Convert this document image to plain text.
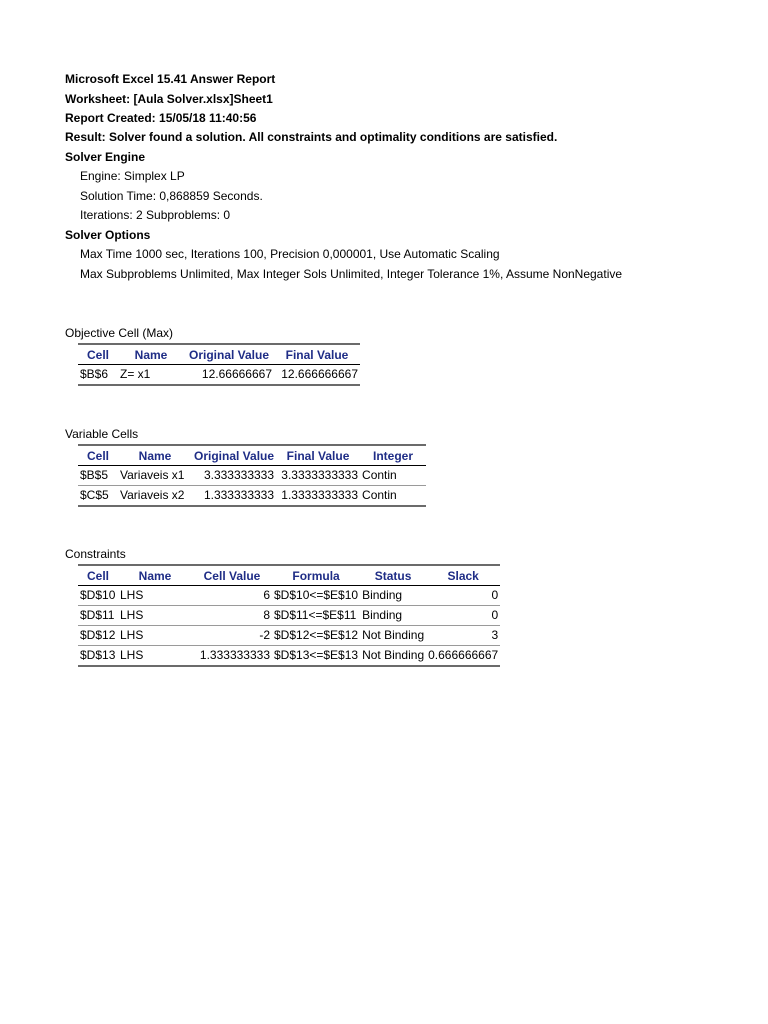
Microsoft Excel 15.41 Answer Report
Worksheet: [Aula Solver.xlsx]Sheet1
Report Created: 15/05/18 11:40:56
Result: Solver found a solution. All constraints and optimality conditions are satisfied.
Solver Engine
Engine: Simplex LP
Solution Time: 0,868859 Seconds.
Iterations: 2 Subproblems: 0
Solver Options
Max Time 1000 sec, Iterations 100, Precision 0,000001, Use Automatic Scaling
Max Subproblems Unlimited, Max Integer Sols Unlimited, Integer Tolerance 1%, Assume NonNegative
Objective Cell (Max)
Cell	Name	Original Value	Final Value
$B$6	Z= x1	12.66666667	12.666666667
Variable Cells
Cell	Name	Original Value	Final Value	Integer
$B$5	Variaveis x1	3.333333333	3.3333333333	Contin
$C$5	Variaveis x2	1.333333333	1.3333333333	Contin
Constraints
Cell	Name	Cell Value	Formula	Status	Slack
$D$10	LHS	6	$D$10<=$E$10	Binding	0
$D$11	LHS	8	$D$11<=$E$11	Binding	0
$D$12	LHS	-2	$D$12<=$E$12	Not Binding	3
$D$13	LHS	1.333333333	$D$13<=$E$13	Not Binding	0.666666667
